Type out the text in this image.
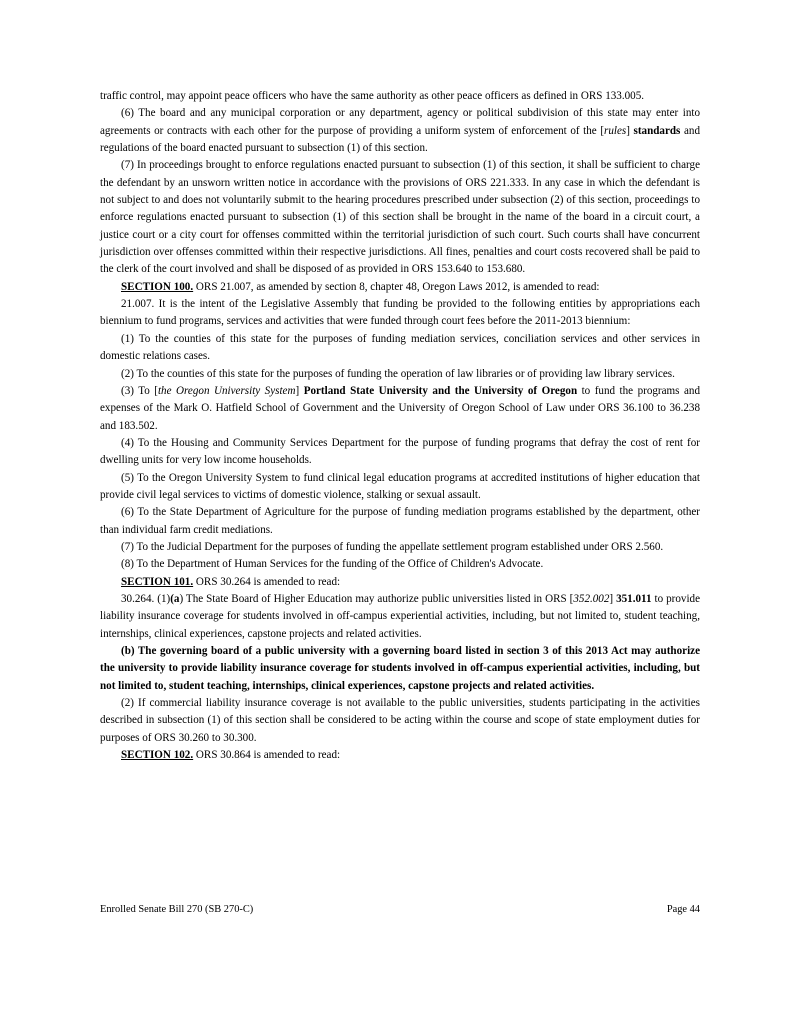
traffic control, may appoint peace officers who have the same authority as other peace officers as defined in ORS 133.005.

(6) The board and any municipal corporation or any department, agency or political subdivision of this state may enter into agreements or contracts with each other for the purpose of providing a uniform system of enforcement of the [rules] standards and regulations of the board enacted pursuant to subsection (1) of this section.

(7) In proceedings brought to enforce regulations enacted pursuant to subsection (1) of this section, it shall be sufficient to charge the defendant by an unsworn written notice in accordance with the provisions of ORS 221.333. In any case in which the defendant is not subject to and does not voluntarily submit to the hearing procedures prescribed under subsection (2) of this section, proceedings to enforce regulations enacted pursuant to subsection (1) of this section shall be brought in the name of the board in a circuit court, a justice court or a city court for offenses committed within the territorial jurisdiction of such court. Such courts shall have concurrent jurisdiction over offenses committed within their respective jurisdictions. All fines, penalties and court costs recovered shall be paid to the clerk of the court involved and shall be disposed of as provided in ORS 153.640 to 153.680.

SECTION 100. ORS 21.007, as amended by section 8, chapter 48, Oregon Laws 2012, is amended to read:

21.007. It is the intent of the Legislative Assembly that funding be provided to the following entities by appropriations each biennium to fund programs, services and activities that were funded through court fees before the 2011-2013 biennium:

(1) To the counties of this state for the purposes of funding mediation services, conciliation services and other services in domestic relations cases.

(2) To the counties of this state for the purposes of funding the operation of law libraries or of providing law library services.

(3) To [the Oregon University System] Portland State University and the University of Oregon to fund the programs and expenses of the Mark O. Hatfield School of Government and the University of Oregon School of Law under ORS 36.100 to 36.238 and 183.502.

(4) To the Housing and Community Services Department for the purpose of funding programs that defray the cost of rent for dwelling units for very low income households.

(5) To the Oregon University System to fund clinical legal education programs at accredited institutions of higher education that provide civil legal services to victims of domestic violence, stalking or sexual assault.

(6) To the State Department of Agriculture for the purpose of funding mediation programs established by the department, other than individual farm credit mediations.

(7) To the Judicial Department for the purposes of funding the appellate settlement program established under ORS 2.560.

(8) To the Department of Human Services for the funding of the Office of Children's Advocate.

SECTION 101. ORS 30.264 is amended to read:

30.264. (1)(a) The State Board of Higher Education may authorize public universities listed in ORS [352.002] 351.011 to provide liability insurance coverage for students involved in off-campus experiential activities, including, but not limited to, student teaching, internships, clinical experiences, capstone projects and related activities.

(b) The governing board of a public university with a governing board listed in section 3 of this 2013 Act may authorize the university to provide liability insurance coverage for students involved in off-campus experiential activities, including, but not limited to, student teaching, internships, clinical experiences, capstone projects and related activities.

(2) If commercial liability insurance coverage is not available to the public universities, students participating in the activities described in subsection (1) of this section shall be considered to be acting within the course and scope of state employment duties for purposes of ORS 30.260 to 30.300.

SECTION 102. ORS 30.864 is amended to read:

Enrolled Senate Bill 270 (SB 270-C)	Page 44
